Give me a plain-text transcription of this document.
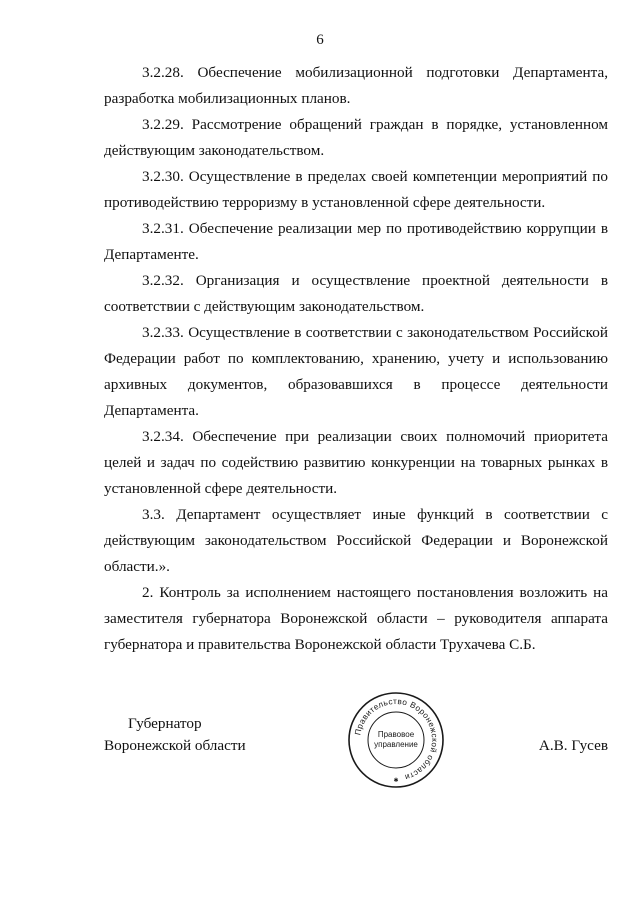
6

3.2.28. Обеспечение мобилизационной подготовки Департамента, разработка мобилизационных планов.

3.2.29. Рассмотрение обращений граждан в порядке, установленном действующим законодательством.

3.2.30. Осуществление в пределах своей компетенции мероприятий по противодействию терроризму в установленной сфере деятельности.

3.2.31. Обеспечение реализации мер по противодействию коррупции в Департаменте.

3.2.32. Организация и осуществление проектной деятельности в соответствии с действующим законодательством.

3.2.33. Осуществление в соответствии с законодательством Российской Федерации работ по комплектованию, хранению, учету и использованию архивных документов, образовавшихся в процессе деятельности Департамента.

3.2.34. Обеспечение при реализации своих полномочий приоритета целей и задач по содействию развитию конкуренции на товарных рынках в установленной сфере деятельности.

3.3. Департамент осуществляет иные функций в соответствии с действующим законодательством Российской Федерации и Воронежской области.».

2. Контроль за исполнением настоящего постановления возложить на заместителя губернатора Воронежской области – руководителя аппарата губернатора и правительства Воронежской области Трухачева С.Б.

Губернатор
Воронежской области	А.В. Гусев
Правительство Воронежской области
Правовое
управление
✱
